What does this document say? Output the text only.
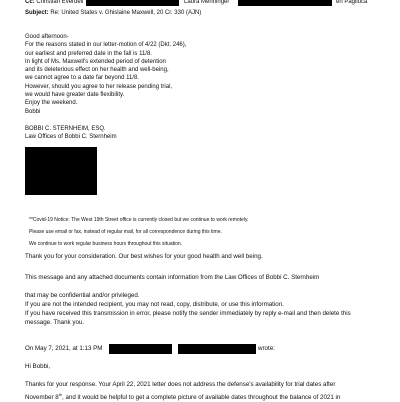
Cc: Christian Everdell	Laura Menninger	en Pagliuca
Subject: Re: United States v. Ghislaine Maxwell, 20 Cr. 330 (AJN)
Good afternoon-
For the reasons stated in our letter-motion of 4/22 (Dkt. 246),
our earliest and preferred date in the fall is 11/8.
In light of Ms. Maxwell's extended period of detention
and its deleterious effect on her health and well-being,
we cannot agree to a date far beyond 11/8.
However, should you agree to her release pending trial,
we would have greater date flexibility.
Enjoy the weekend.
Bobbi
BOBBI C. STERNHEIM, ESQ.
Law Offices of Bobbi C. Sternheim
**Covid-19 Notice: The West 19th Street office is currently closed but we continue to work remotely.
Please use email or fax, instead of regular mail, for all correspondence during this time.
We continue to work regular business hours throughout this situation.
Thank you for your consideration. Our best wishes for your good health and well being.
This message and any attached documents contain information from the Law Offices of Bobbi C. Sternheim
that may be confidential and/or privileged.
If you are not the intended recipient, you may not read, copy, distribute, or use this information.
If you have received this transmission in error, please notify the sender immediately by reply e-mail and then delete this
message. Thank you.
On May 7, 2021, at 1:13 PM	wrote:
Hi Bobbi,
Thanks for your response. Your April 22, 2021 letter does not address the defense's availability for trial dates after
November 8th, and it would be helpful to get a complete picture of available dates throughout the balance of 2021 in
